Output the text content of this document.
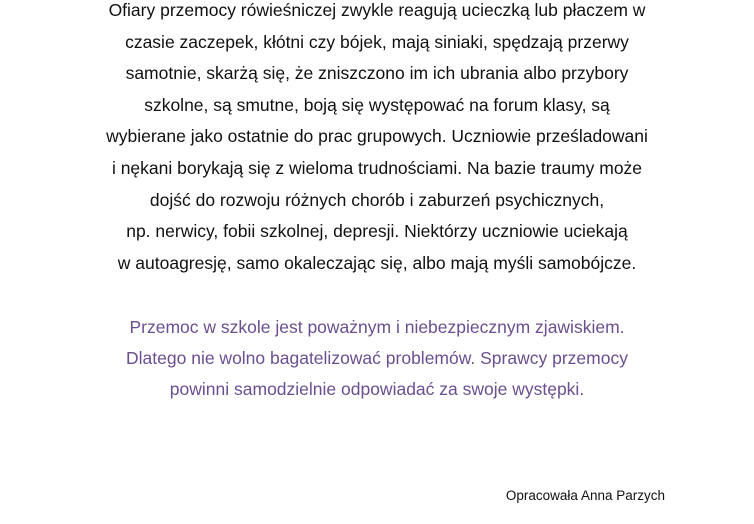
Ofiary przemocy rówieśniczej zwykle reagują ucieczką lub płaczem w
czasie zaczepek, kłótni czy bójek, mają siniaki, spędzają przerwy
samotnie, skarżą się, że zniszczono im ich ubrania albo przybory
szkolne, są smutne, boją się występować na forum klasy, są
wybierane jako ostatnie do prac grupowych. Uczniowie prześladowani
i nękani borykają się z wieloma trudnościami. Na bazie traumy może
dojść do rozwoju różnych chorób i zaburzeń psychicznych,
np. nerwicy, fobii szkolnej, depresji. Niektórzy uczniowie uciekają
w autoagresję, samo okaleczając się, albo mają myśli samobójcze.
Przemoc w szkole jest poważnym i niebezpiecznym zjawiskiem.
Dlatego nie wolno bagatelizować problemów. Sprawcy przemocy
powinni samodzielnie odpowiadać za swoje występki.
Opracowała Anna Parzych
